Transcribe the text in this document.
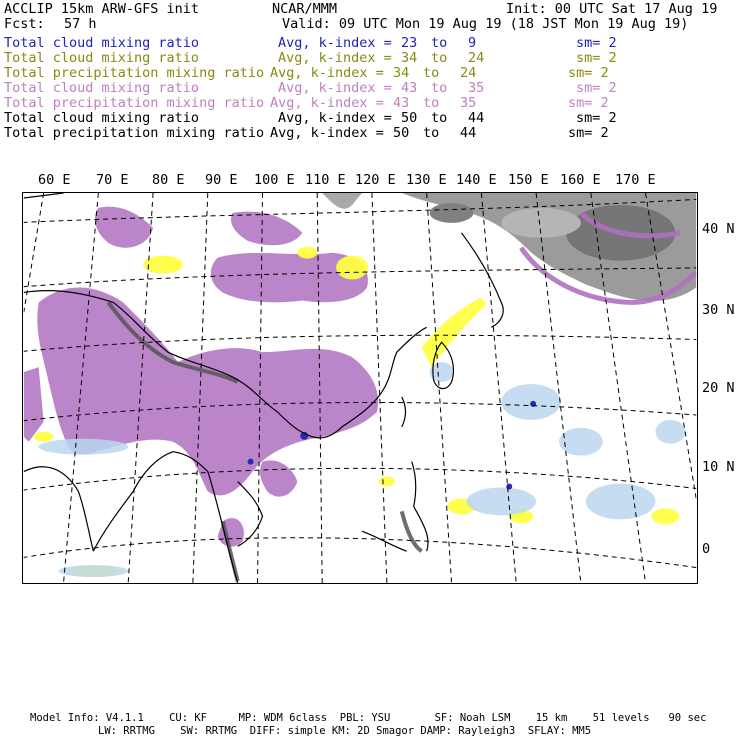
ACCLIP 15km ARW-GFS init	NCAR/MMM	Init: 00 UTC Sat 17 Aug 19
Fcst: 57 h	Valid: 09 UTC Mon 19 Aug 19 (18 JST Mon 19 Aug 19)
Total cloud mixing ratio	Avg, k-index = 23 to 9	sm= 2
Total cloud mixing ratio	Avg, k-index = 34 to 24	sm= 2
Total precipitation mixing ratio Avg, k-index = 34 to 24	sm= 2
Total cloud mixing ratio	Avg, k-index = 43 to 35	sm= 2
Total precipitation mixing ratio Avg, k-index = 43 to 35	sm= 2
Total cloud mixing ratio	Avg, k-index = 50 to 44	sm= 2
Total precipitation mixing ratio Avg, k-index = 50 to 44	sm= 2
60 E 70 E 80 E 90 E 100 E 110 E 120 E 130 E 140 E 150 E 160 E 170 E
40 N
30 N
20 N
10 N
0
Model Info: V4.1.1    CU: KF     MP: WDM 6class  PBL: YSU       SF: Noah LSM    15 km    51 levels   90 sec
LW: RRTMG    SW: RRTMG  DIFF: simple KM: 2D Smagor DAMP: Rayleigh3  SFLAY: MM5
